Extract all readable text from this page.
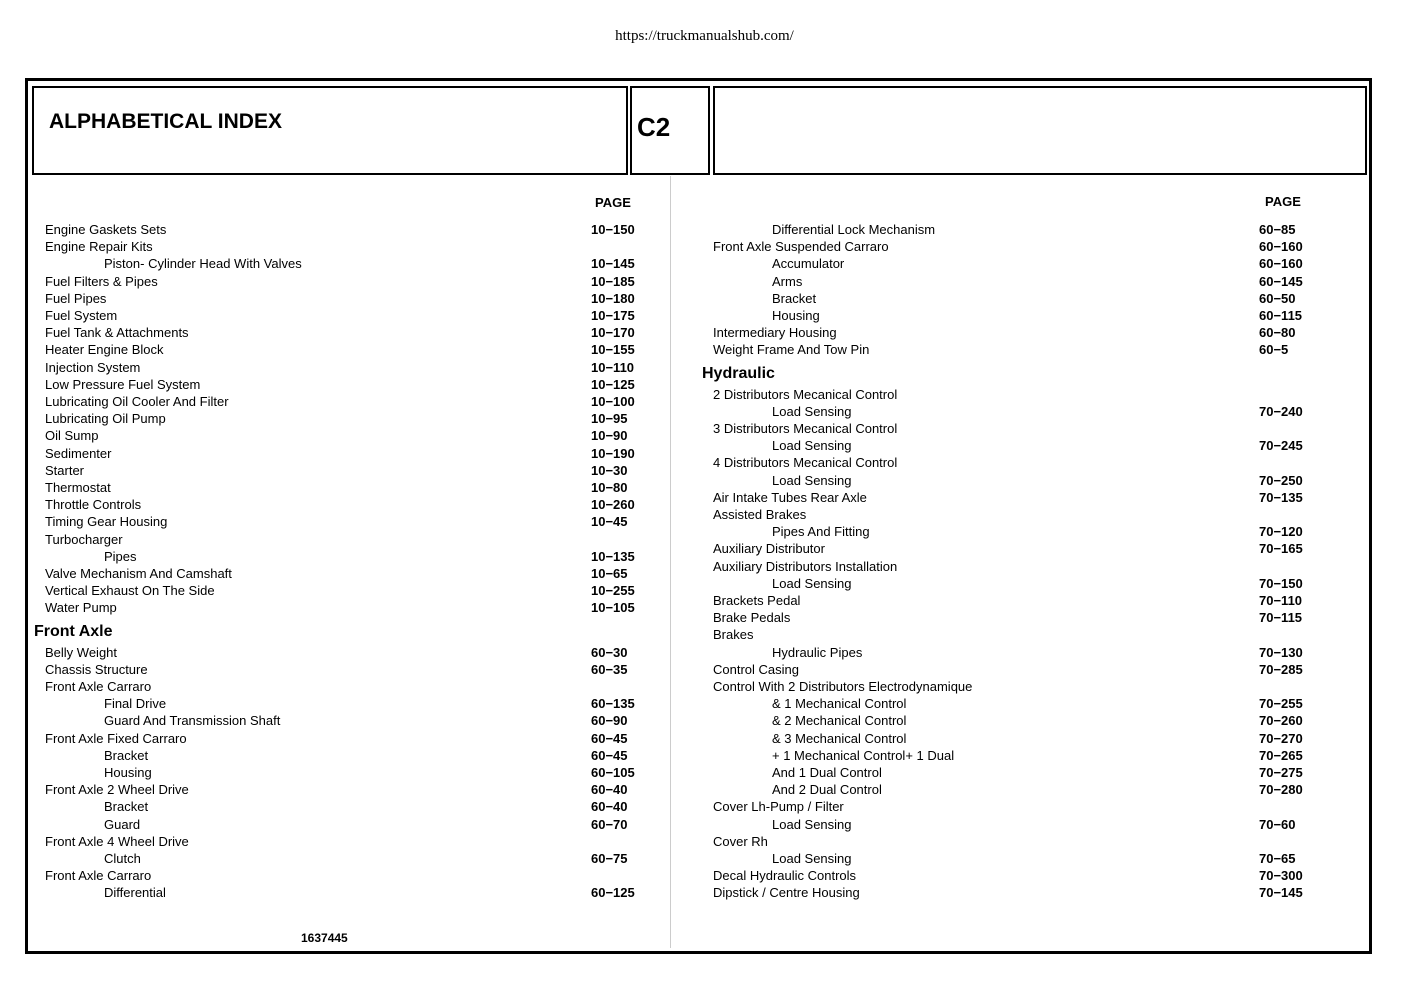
https://truckmanualshub.com/
ALPHABETICAL INDEX	C2
PAGE	PAGE
Engine Gaskets Sets	10−150
Engine Repair Kits
Piston- Cylinder Head With Valves	10−145
Fuel Filters & Pipes	10−185
Fuel Pipes	10−180
Fuel System	10−175
Fuel Tank & Attachments	10−170
Heater Engine Block	10−155
Injection System	10−110
Low Pressure Fuel System	10−125
Lubricating Oil Cooler And Filter	10−100
Lubricating Oil Pump	10−95
Oil Sump	10−90
Sedimenter	10−190
Starter	10−30
Thermostat	10−80
Throttle Controls	10−260
Timing Gear Housing	10−45
Turbocharger
Pipes	10−135
Valve Mechanism And Camshaft	10−65
Vertical Exhaust On The Side	10−255
Water Pump	10−105
Front Axle
Belly Weight	60−30
Chassis Structure	60−35
Front Axle Carraro
Final Drive	60−135
Guard And Transmission Shaft	60−90
Front Axle Fixed Carraro	60−45
Bracket	60−45
Housing	60−105
Front Axle 2 Wheel Drive	60−40
Bracket	60−40
Guard	60−70
Front Axle 4 Wheel Drive
Clutch	60−75
Front Axle Carraro
Differential	60−125
Differential Lock Mechanism	60−85
Front Axle Suspended Carraro	60−160
Accumulator	60−160
Arms	60−145
Bracket	60−50
Housing	60−115
Intermediary Housing	60−80
Weight Frame And Tow Pin	60−5
Hydraulic
2 Distributors Mecanical Control
Load Sensing	70−240
3 Distributors Mecanical Control
Load Sensing	70−245
4 Distributors Mecanical Control
Load Sensing	70−250
Air Intake Tubes Rear Axle	70−135
Assisted Brakes
Pipes And Fitting	70−120
Auxiliary Distributor	70−165
Auxiliary Distributors Installation
Load Sensing	70−150
Brackets Pedal	70−110
Brake Pedals	70−115
Brakes
Hydraulic Pipes	70−130
Control Casing	70−285
Control With 2 Distributors Electrodynamique
& 1 Mechanical Control	70−255
& 2 Mechanical Control	70−260
& 3 Mechanical Control	70−270
+ 1 Mechanical Control+ 1 Dual	70−265
And 1 Dual Control	70−275
And 2 Dual Control	70−280
Cover Lh-Pump / Filter
Load Sensing	70−60
Cover Rh
Load Sensing	70−65
Decal Hydraulic Controls	70−300
Dipstick / Centre Housing	70−145
1637445
